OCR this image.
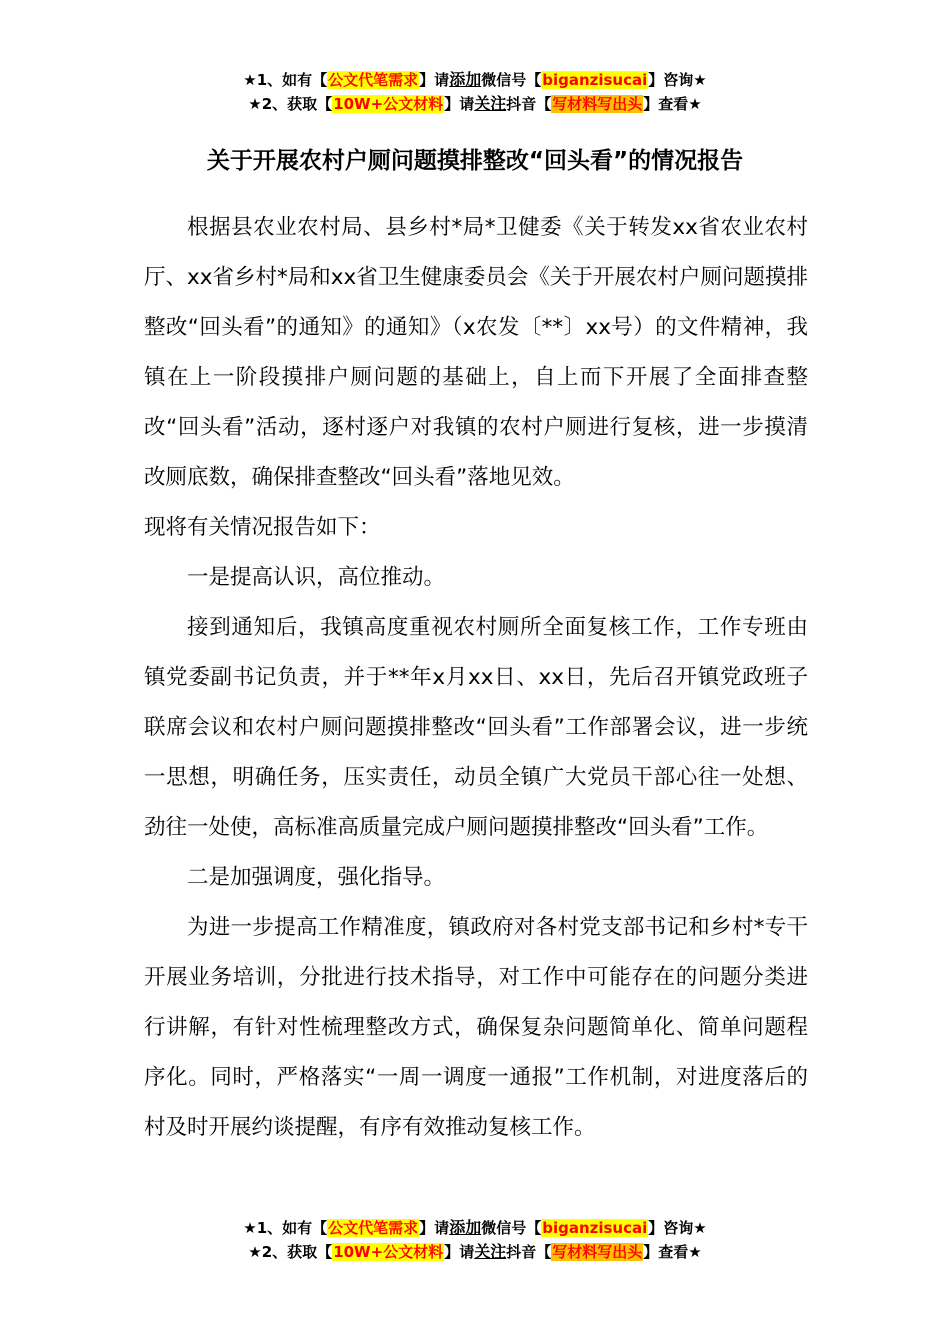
★1、如有【公文代笔需求】请添加微信号【biganzisucai】咨询★
★2、获取【10W+公文材料】请关注抖音【写材料写出头】查看★
关于开展农村户厕问题摸排整改“回头看”的情况报告

根据县农业农村局、县乡村*局*卫健委《关于转发xx省农业农村厅、xx省乡村*局和xx省卫生健康委员会《关于开展农村户厕问题摸排整改“回头看”的通知》的通知》（x农发〔**〕xx号）的文件精神，我镇在上一阶段摸排户厕问题的基础上，自上而下开展了全面排查整改“回头看”活动，逐村逐户对我镇的农村户厕进行复核，进一步摸清改厕底数，确保排查整改“回头看”落地见效。

现将有关情况报告如下：

一是提高认识，高位推动。

接到通知后，我镇高度重视农村厕所全面复核工作，工作专班由镇党委副书记负责，并于**年x月xx日、xx日，先后召开镇党政班子联席会议和农村户厕问题摸排整改“回头看”工作部署会议，进一步统一思想，明确任务，压实责任，动员全镇广大党员干部心往一处想、劲往一处使，高标准高质量完成户厕问题摸排整改“回头看”工作。

二是加强调度，强化指导。

为进一步提高工作精准度，镇政府对各村党支部书记和乡村*专干开展业务培训，分批进行技术指导，对工作中可能存在的问题分类进行讲解，有针对性梳理整改方式，确保复杂问题简单化、简单问题程序化。同时，严格落实“一周一调度一通报”工作机制，对进度落后的村及时开展约谈提醒，有序有效推动复核工作。

★1、如有【公文代笔需求】请添加微信号【biganzisucai】咨询★
★2、获取【10W+公文材料】请关注抖音【写材料写出头】查看★
